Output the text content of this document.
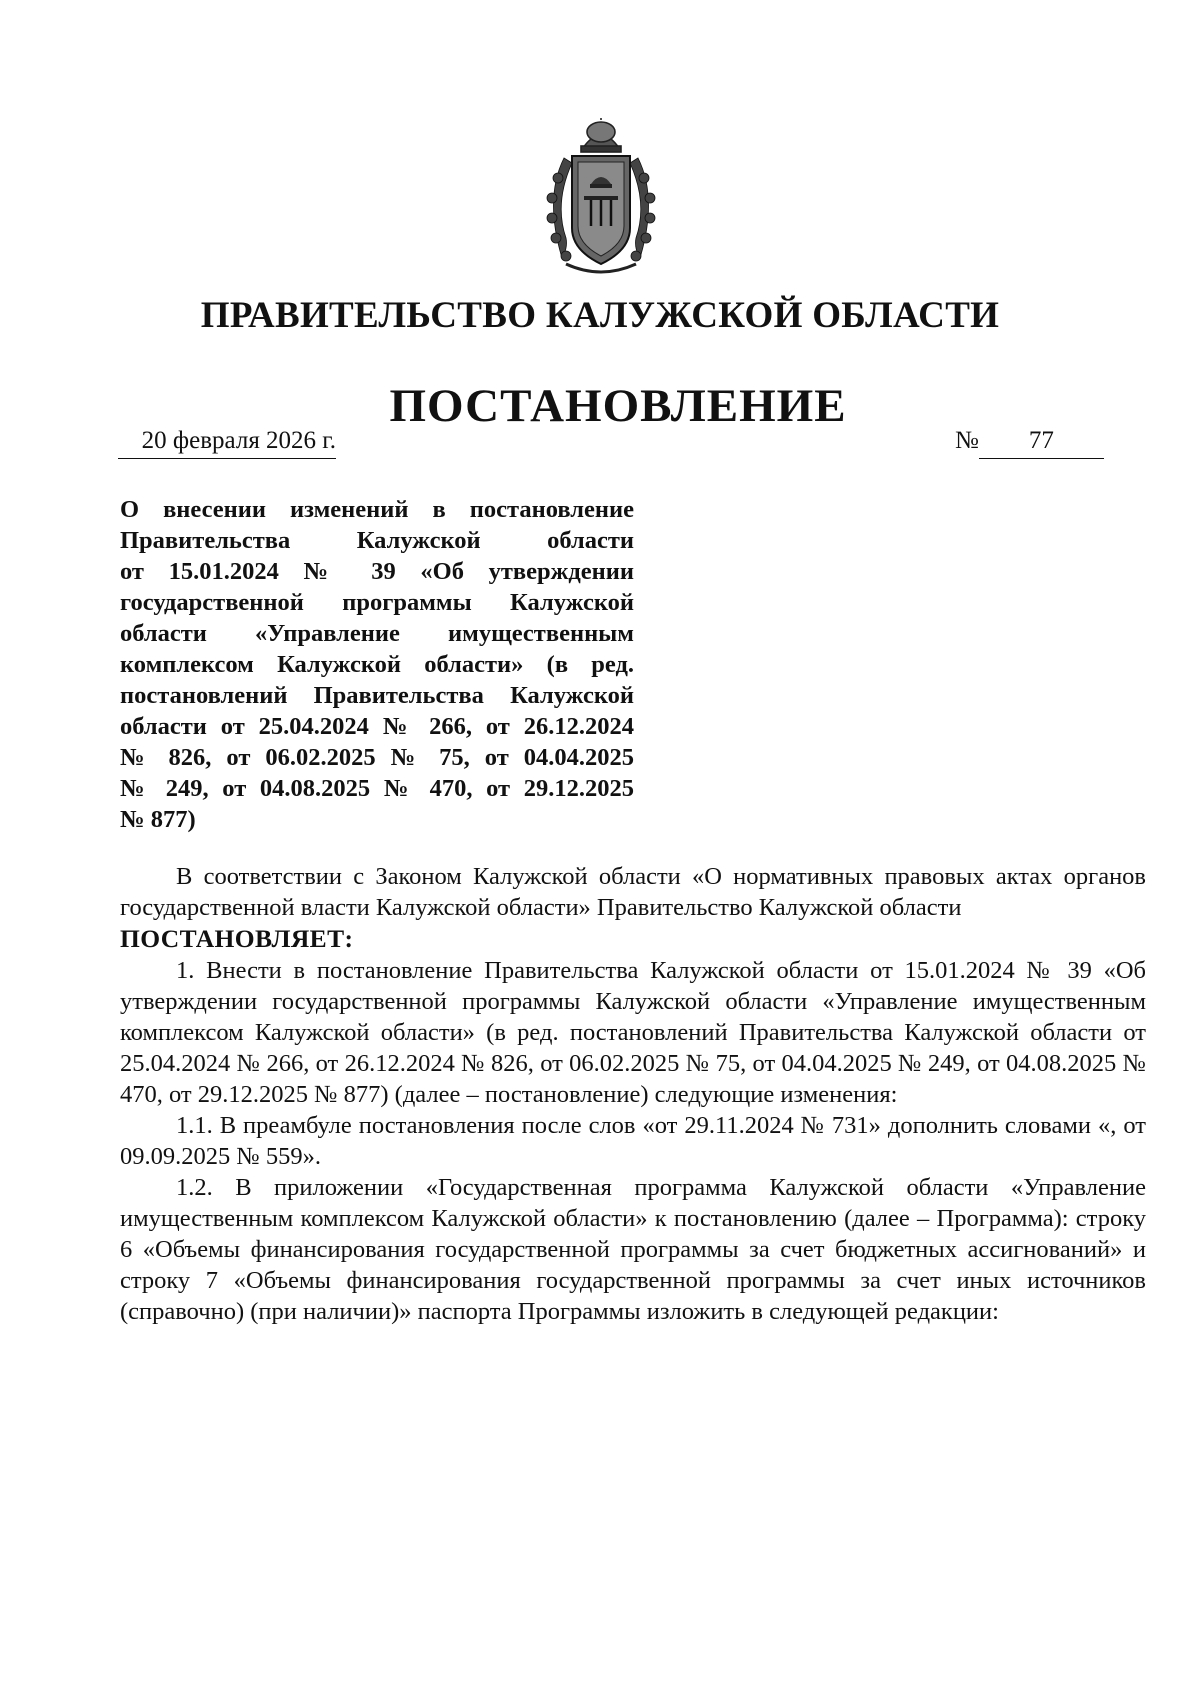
ПРАВИТЕЛЬСТВО КАЛУЖСКОЙ ОБЛАСТИ
ПОСТАНОВЛЕНИЕ
20 февраля 2026 г.	№	77
О внесении изменений в постановление
Правительства Калужской области
от 15.01.2024 № 39 «Об утверждении
государственной программы Калужской
области «Управление имущественным
комплексом Калужской области» (в ред.
постановлений Правительства Калужской
области от 25.04.2024 № 266, от 26.12.2024
№ 826, от 06.02.2025 № 75, от 04.04.2025
№ 249, от 04.08.2025 № 470, от 29.12.2025
№ 877)

В соответствии с Законом Калужской области «О нормативных правовых актах органов государственной власти Калужской области» Правительство Калужской области

ПОСТАНОВЛЯЕТ:

1. Внести в постановление Правительства Калужской области от 15.01.2024 № 39 «Об утверждении государственной программы Калужской области «Управление имущественным комплексом Калужской области» (в ред. постановлений Правительства Калужской области от 25.04.2024 № 266, от 26.12.2024 № 826, от 06.02.2025 № 75, от 04.04.2025 № 249, от 04.08.2025 № 470, от 29.12.2025 № 877) (далее – постановление) следующие изменения:

1.1. В преамбуле постановления после слов «от 29.11.2024 № 731» дополнить словами «, от 09.09.2025 № 559».

1.2. В приложении «Государственная программа Калужской области «Управление имущественным комплексом Калужской области» к постановлению (далее – Программа): строку 6 «Объемы финансирования государственной программы за счет бюджетных ассигнований» и строку 7 «Объемы финансирования государственной программы за счет иных источников (справочно) (при наличии)» паспорта Программы изложить в следующей редакции:
